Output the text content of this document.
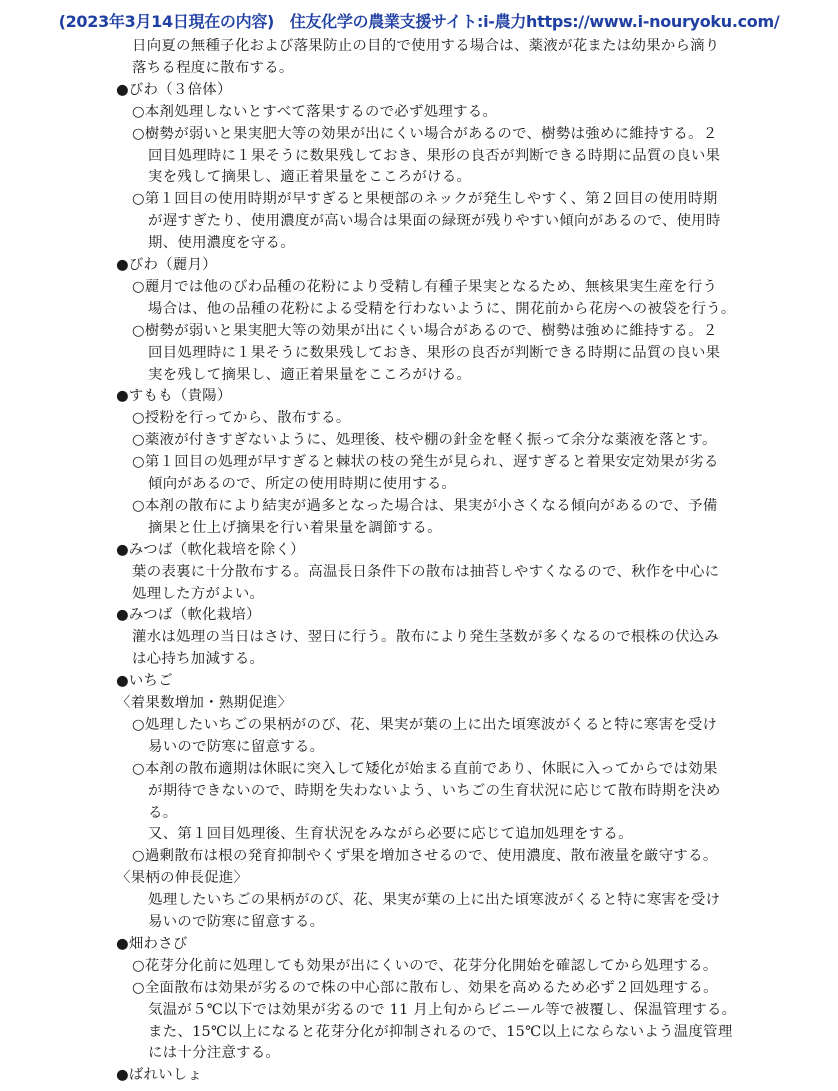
(2023年3月14日現在の内容)　住友化学の農業支援サイト:i-農力https://www.i-nouryoku.com/
日向夏の無種子化および落果防止の目的で使用する場合は、薬液が花または幼果から滴り
落ちる程度に散布する。
●びわ（３倍体）
○本剤処理しないとすべて落果するので必ず処理する。
○樹勢が弱いと果実肥大等の効果が出にくい場合があるので、樹勢は強めに維持する。２
回目処理時に１果そうに数果残しておき、果形の良否が判断できる時期に品質の良い果
実を残して摘果し、適正着果量をこころがける。
○第１回目の使用時期が早すぎると果梗部のネックが発生しやすく、第２回目の使用時期
が遅すぎたり、使用濃度が高い場合は果面の緑斑が残りやすい傾向があるので、使用時
期、使用濃度を守る。
●びわ（麗月）
○麗月では他のびわ品種の花粉により受精し有種子果実となるため、無核果実生産を行う
場合は、他の品種の花粉による受精を行わないように、開花前から花房への被袋を行う。
○樹勢が弱いと果実肥大等の効果が出にくい場合があるので、樹勢は強めに維持する。２
回目処理時に１果そうに数果残しておき、果形の良否が判断できる時期に品質の良い果
実を残して摘果し、適正着果量をこころがける。
●すもも（貴陽）
○授粉を行ってから、散布する。
○薬液が付きすぎないように、処理後、枝や棚の針金を軽く振って余分な薬液を落とす。
○第１回目の処理が早すぎると棘状の枝の発生が見られ、遅すぎると着果安定効果が劣る
傾向があるので、所定の使用時期に使用する。
○本剤の散布により結実が過多となった場合は、果実が小さくなる傾向があるので、予備
摘果と仕上げ摘果を行い着果量を調節する。
●みつば（軟化栽培を除く）
葉の表裏に十分散布する。高温長日条件下の散布は抽苔しやすくなるので、秋作を中心に
処理した方がよい。
●みつば（軟化栽培）
灌水は処理の当日はさけ、翌日に行う。散布により発生茎数が多くなるので根株の伏込み
は心持ち加減する。
●いちご
〈着果数増加・熟期促進〉
○処理したいちごの果柄がのび、花、果実が葉の上に出た頃寒波がくると特に寒害を受け
易いので防寒に留意する。
○本剤の散布適期は休眠に突入して矮化が始まる直前であり、休眠に入ってからでは効果
が期待できないので、時期を失わないよう、いちごの生育状況に応じて散布時期を決め
る。
又、第１回目処理後、生育状況をみながら必要に応じて追加処理をする。
○過剰散布は根の発育抑制やくず果を増加させるので、使用濃度、散布液量を厳守する。
〈果柄の伸長促進〉
処理したいちごの果柄がのび、花、果実が葉の上に出た頃寒波がくると特に寒害を受け
易いので防寒に留意する。
●畑わさび
○花芽分化前に処理しても効果が出にくいので、花芽分化開始を確認してから処理する。
○全面散布は効果が劣るので株の中心部に散布し、効果を高めるため必ず２回処理する。
気温が５℃以下では効果が劣るので 11 月上旬からビニール等で被覆し、保温管理する。
また、15℃以上になると花芽分化が抑制されるので、15℃以上にならないよう温度管理
には十分注意する。
●ばれいしょ
